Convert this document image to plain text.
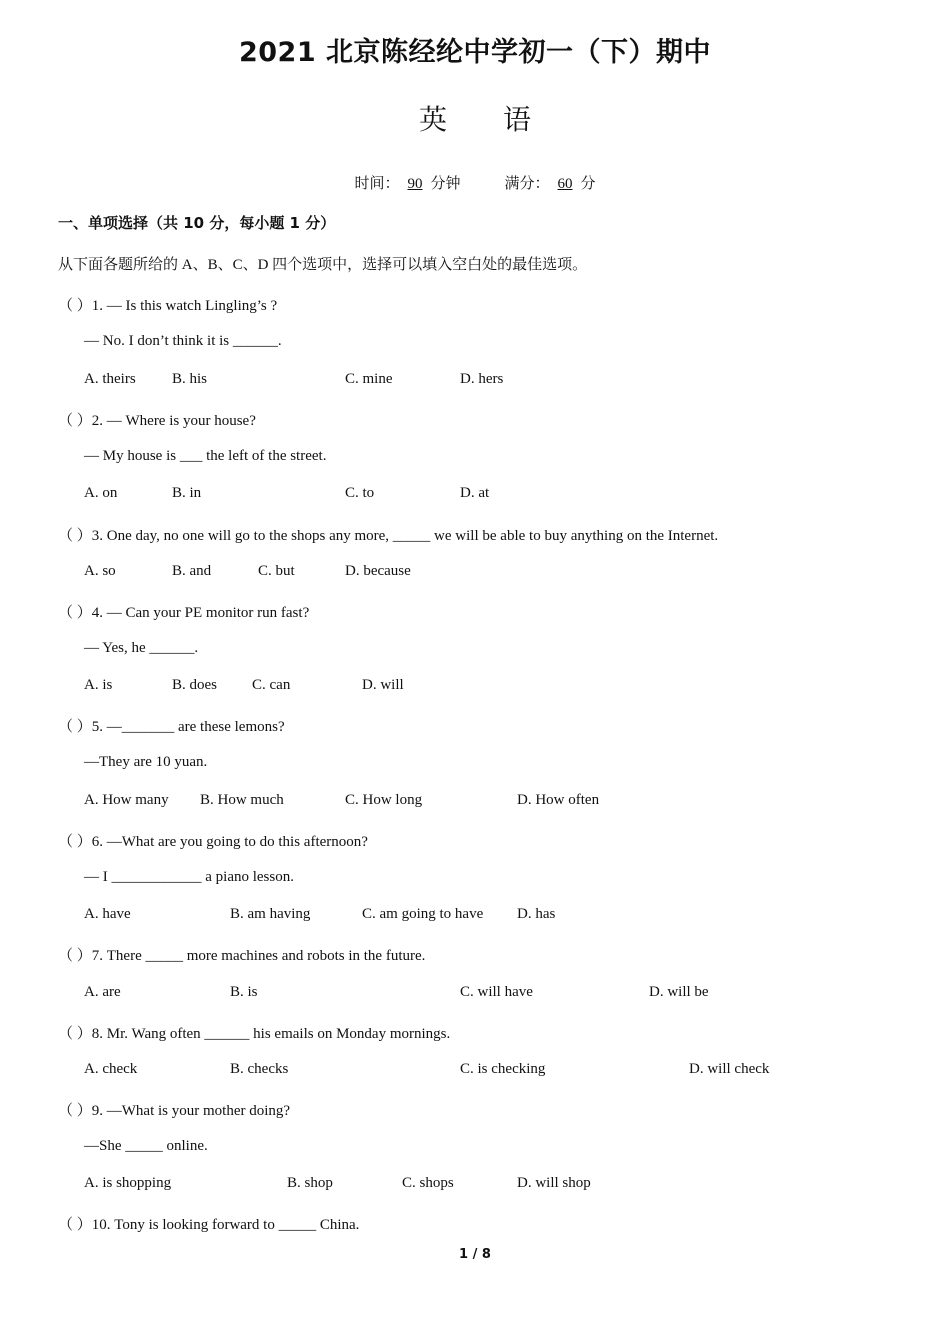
2021 北京陈经纶中学初一（下）期中
英 语
时间： 90 分钟	满分： 60 分
一、单项选择（共 10 分，每小题 1 分）
从下面各题所给的 A、B、C、D 四个选项中，选择可以填入空白处的最佳选项。
（ ）1. — Is this watch Lingling’s ?
— No. I don’t think it is ______.
A. theirs B. his	C. mine	D. hers
（ ）2. — Where is your house?
— My house is ___ the left of the street.
A. on	B. in	C. to	D. at
（ ）3. One day, no one will go to the shops any more, _____ we will be able to buy anything on the Internet.
A. so	B. and	C. but	D. because
（ ）4. — Can your PE monitor run fast?
— Yes, he ______.
A. is	B. does C. can	D. will
（ ）5. —_______ are these lemons?
—They are 10 yuan.
A. How many B. How much	C. How long	D. How often
（ ）6. —What are you going to do this afternoon?
— I ____________ a piano lesson.
A. have	B. am having	C. am going to have D. has
（ ）7. There _____ more machines and robots in the future.
A. are	B. is	C. will have	D. will be
（ ）8. Mr. Wang often ______ his emails on Monday mornings.
A. check	B. checks	C. is checking	D. will check
（ ）9. —What is your mother doing?
—She _____ online.
A. is shopping	B. shop	C. shops	D. will shop
（ ）10. Tony is looking forward to _____ China.
1 / 8
